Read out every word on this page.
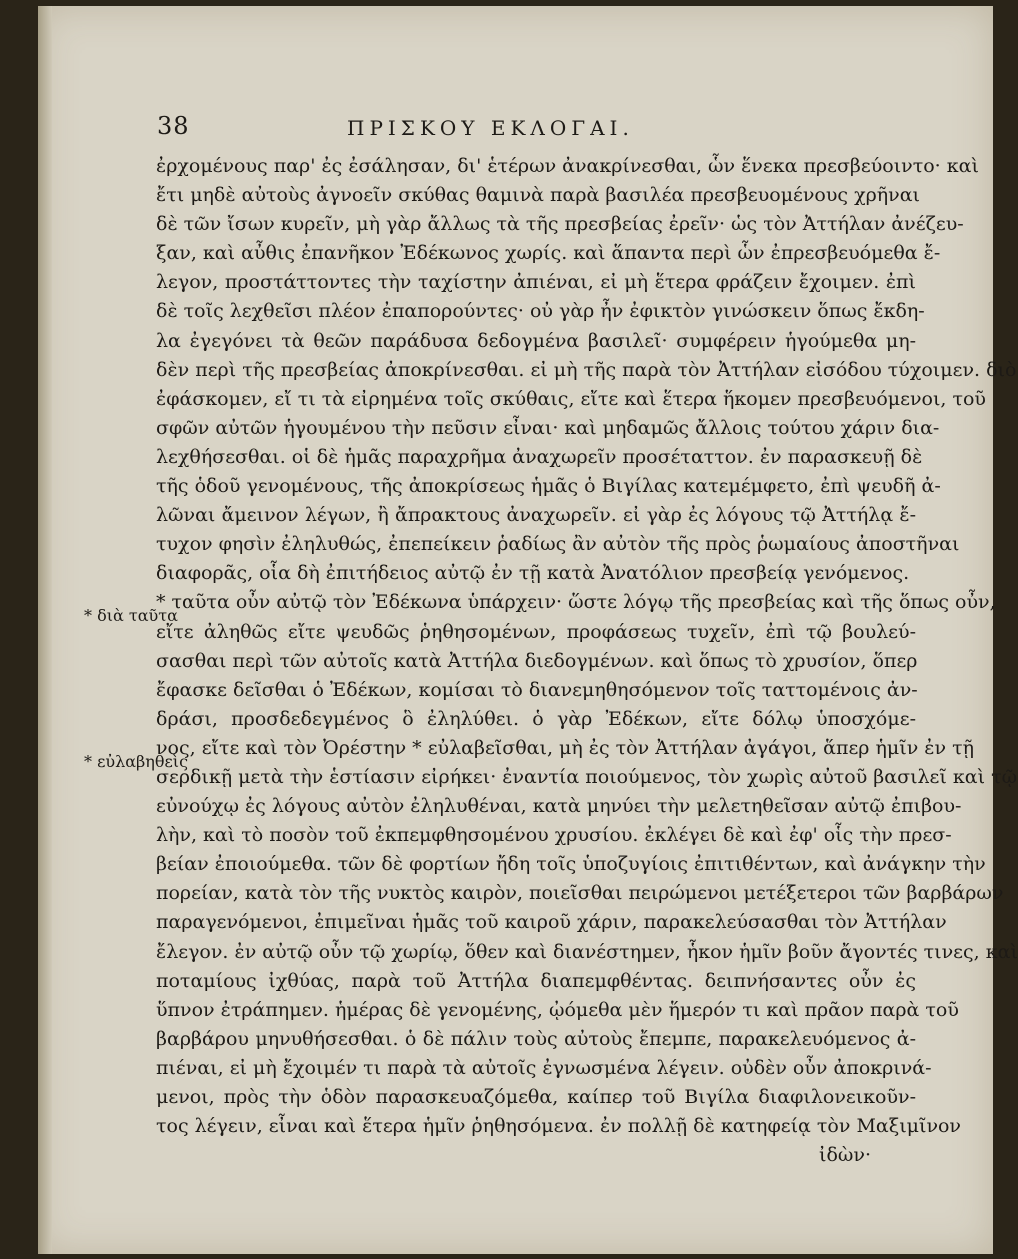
38	ΠΡΙΣΚΟΥ ΕΚΛΟΓΑΙ.
* διὰ ταῦτα
* εὐλαβηθεὶς
ἐρχομένους παρ' ἐς ἐσάλησαν, δι' ἑτέρων ἀνακρίνεσθαι, ὧν ἕνεκα πρεσβεύοιντο· καὶ
ἔτι μηδὲ αὐτοὺς ἀγνοεῖν σκύθας θαμινὰ παρὰ βασιλέα πρεσβευομένους χρῆναι
δὲ τῶν ἴσων κυρεῖν, μὴ γὰρ ἄλλως τὰ τῆς πρεσβείας ἐρεῖν· ὡς τὸν Ἀττήλαν ἀνέζευ-
ξαν, καὶ αὖθις ἐπανῆκον Ἐδέκωνος χωρίς. καὶ ἅπαντα περὶ ὧν ἐπρεσβευόμεθα ἔ-
λεγον, προστάττοντες τὴν ταχίστην ἀπιέναι, εἰ μὴ ἕτερα φράζειν ἔχοιμεν. ἐπὶ
δὲ τοῖς λεχθεῖσι πλέον ἐπαπορούντες· οὐ γὰρ ἦν ἐφικτὸν γινώσκειν ὅπως ἔκδη-
λα ἐγεγόνει τὰ θεῶν παράδυσα δεδογμένα βασιλεῖ· συμφέρειν ἡγούμεθα μη-
δὲν περὶ τῆς πρεσβείας ἀποκρίνεσθαι. εἰ μὴ τῆς παρὰ τὸν Ἀττήλαν εἰσόδου τύχοιμεν. διὸ
ἐφάσκομεν, εἴ τι τὰ εἰρημένα τοῖς σκύθαις, εἴτε καὶ ἕτερα ἥκομεν πρεσβευόμενοι, τοῦ
σφῶν αὐτῶν ἡγουμένου τὴν πεῦσιν εἶναι· καὶ μηδαμῶς ἄλλοις τούτου χάριν δια-
λεχθήσεσθαι. οἱ δὲ ἡμᾶς παραχρῆμα ἀναχωρεῖν προσέταττον. ἐν παρασκευῇ δὲ
τῆς ὁδοῦ γενομένους, τῆς ἀποκρίσεως ἡμᾶς ὁ Βιγίλας κατεμέμφετο, ἐπὶ ψευδῆ ἀ-
λῶναι ἄμεινον λέγων, ἢ ἄπρακτους ἀναχωρεῖν. εἰ γὰρ ἐς λόγους τῷ Ἀττήλᾳ ἔ-
τυχον φησὶν ἐληλυθώς, ἐπεπείκειν ῥαδίως ἂν αὐτὸν τῆς πρὸς ῥωμαίους ἀποστῆναι
διαφορᾶς, οἷα δὴ ἐπιτήδειος αὐτῷ ἐν τῇ κατὰ Ἀνατόλιον πρεσβείᾳ γενόμενος.
* ταῦτα οὖν αὐτῷ τὸν Ἐδέκωνα ὑπάρχειν· ὥστε λόγῳ τῆς πρεσβείας καὶ τῆς ὅπως οὖν,
εἴτε ἀληθῶς εἴτε ψευδῶς ῥηθησομένων, προφάσεως τυχεῖν, ἐπὶ τῷ βουλεύ-
σασθαι περὶ τῶν αὐτοῖς κατὰ Ἀττήλα διεδογμένων. καὶ ὅπως τὸ χρυσίον, ὅπερ
ἔφασκε δεῖσθαι ὁ Ἐδέκων, κομίσαι τὸ διανεμηθησόμενον τοῖς ταττομένοις ἀν-
δράσι, προσδεδεγμένος ὃ ἐληλύθει. ὁ γὰρ Ἐδέκων, εἴτε δόλῳ ὑποσχόμε-
νος, εἴτε καὶ τὸν Ὀρέστην * εὐλαβεῖσθαι, μὴ ἐς τὸν Ἀττήλαν ἀγάγοι, ἅπερ ἡμῖν ἐν τῇ
σερδικῇ μετὰ τὴν ἑστίασιν εἰρήκει· ἐναντία ποιούμενος, τὸν χωρὶς αὐτοῦ βασιλεῖ καὶ τῷ
εὐνούχῳ ἐς λόγους αὐτὸν ἐληλυθέναι, κατὰ μηνύει τὴν μελετηθεῖσαν αὐτῷ ἐπιβου-
λὴν, καὶ τὸ ποσὸν τοῦ ἐκπεμφθησομένου χρυσίου. ἐκλέγει δὲ καὶ ἐφ' οἷς τὴν πρεσ-
βείαν ἐποιούμεθα. τῶν δὲ φορτίων ἤδη τοῖς ὑποζυγίοις ἐπιτιθέντων, καὶ ἀνάγκην τὴν
πορείαν, κατὰ τὸν τῆς νυκτὸς καιρὸν, ποιεῖσθαι πειρώμενοι μετέξετεροι τῶν βαρβάρων
παραγενόμενοι, ἐπιμεῖναι ἡμᾶς τοῦ καιροῦ χάριν, παρακελεύσασθαι τὸν Ἀττήλαν
ἔλεγον. ἐν αὐτῷ οὖν τῷ χωρίῳ, ὅθεν καὶ διανέστημεν, ἧκον ἡμῖν βοῦν ἄγοντές τινες, καὶ
ποταμίους ἰχθύας, παρὰ τοῦ Ἀττήλα διαπεμφθέντας. δειπνήσαντες οὖν ἐς
ὕπνον ἐτράπημεν. ἡμέρας δὲ γενομένης, ᾠόμεθα μὲν ἥμερόν τι καὶ πρᾶον παρὰ τοῦ
βαρβάρου μηνυθήσεσθαι. ὁ δὲ πάλιν τοὺς αὐτοὺς ἔπεμπε, παρακελευόμενος ἀ-
πιέναι, εἰ μὴ ἔχοιμέν τι παρὰ τὰ αὐτοῖς ἐγνωσμένα λέγειν. οὐδὲν οὖν ἀποκρινά-
μενοι, πρὸς τὴν ὁδὸν παρασκευαζόμεθα, καίπερ τοῦ Βιγίλα διαφιλονεικοῦν-
τος λέγειν, εἶναι καὶ ἕτερα ἡμῖν ῥηθησόμενα. ἐν πολλῇ δὲ κατηφείᾳ τὸν Μαξιμῖνον
ἰδὼν·
